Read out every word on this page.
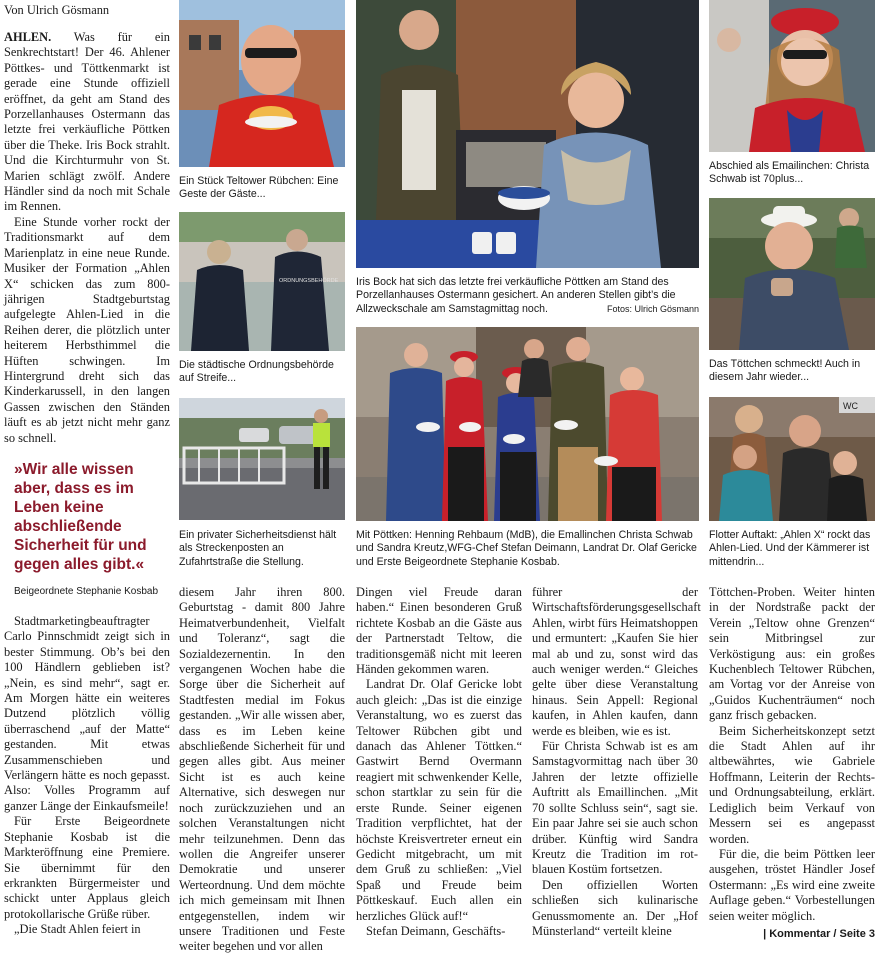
Von Ulrich Gösmann

AHLEN. Was für ein Senkrechtstart! Der 46. Ahlener Pöttkes- und Töttkenmarkt ist gerade eine Stunde offiziell eröffnet, da geht am Stand des Porzellanhauses Ostermann das letzte frei verkäufliche Pöttken über die Theke. Iris Bock strahlt. Und die Kirchturmuhr von St. Marien schlägt zwölf. Andere Händler sind da noch mit Schale im Rennen.

Eine Stunde vorher rockt der Traditionsmarkt auf dem Marienplatz in eine neue Runde. Musiker der Formation „Ahlen X“ schicken das zum 800-jährigen Stadtgeburtstag aufgelegte Ahlen-Lied in die Reihen derer, die plötzlich unter heiterem Herbsthimmel die Hüften schwingen. Im Hintergrund dreht sich das Kinderkarussell, in den langen Gassen zwischen den Ständen läuft es ab jetzt nicht mehr ganz so schnell.

»Wir alle wissen aber, dass es im Leben keine abschließende Sicherheit für und gegen alles gibt.«
Beigeordnete Stephanie Kosbab

Stadtmarketingbeauftragter Carlo Pinnschmidt zeigt sich in bester Stimmung. Ob’s bei den 100 Händlern geblieben ist? „Nein, es sind mehr“, sagt er. Am Morgen hätte ein weiteres Dutzend plötzlich völlig überraschend „auf der Matte“ gestanden. Mit etwas Zusammenschieben und Verlängern hätte es noch gepasst. Also: Volles Programm auf ganzer Länge der Einkaufsmeile!

Für Erste Beigeordnete Stephanie Kosbab ist die Markteröffnung eine Premiere. Sie übernimmt für den erkrankten Bürgermeister und schickt unter Applaus gleich protokollarische Grüße rüber.

„Die Stadt Ahlen feiert in

Ein Stück Teltower Rübchen: Eine Geste der Gäste...
ORDNUNGSBEHÖRDE
Die städtische Ordnungsbehörde auf Streife...
Ein privater Sicherheitsdienst hält als Streckenposten an Zufahrtstraße die Stellung.
Iris Bock hat sich das letzte frei verkäufliche Pöttken am Stand des Porzellanhauses Ostermann gesichert. An anderen Stellen gibt’s die Allzweckschale am Samstagmittag noch.	Fotos: Ulrich Gösmann
Mit Pöttken: Henning Rehbaum (MdB), die Emallinchen Christa Schwab und Sandra Kreutz,WFG-Chef Stefan Deimann, Landrat Dr. Olaf Gericke und Erste Beigeordnete Stephanie Kosbab.
Abschied als Emailinchen: Christa Schwab ist 70plus...
Das Töttchen schmeckt! Auch in diesem Jahr wieder...
WC
Flotter Auftakt: „Ahlen X“ rockt das Ahlen-Lied. Und der Kämmerer ist mittendrin...

diesem Jahr ihren 800. Geburtstag - damit 800 Jahre Heimatverbundenheit, Vielfalt und Toleranz“, sagt die Sozialdezernentin. In den vergangenen Wochen habe die Sorge über die Sicherheit auf Stadtfesten medial im Fokus gestanden. „Wir alle wissen aber, dass es im Leben keine abschließende Sicherheit für und gegen alles gibt. Aus meiner Sicht ist es auch keine Alternative, sich deswegen nur noch zurückzuziehen und an solchen Veranstaltungen nicht mehr teilzunehmen. Denn das wollen die Angreifer unserer Demokratie und unserer Werteordnung. Und dem möchte ich mich gemeinsam mit Ihnen entgegenstellen, indem wir unsere Traditionen und Feste weiter begehen und vor allen

Dingen viel Freude daran haben.“ Einen besonderen Gruß richtete Kosbab an die Gäste aus der Partnerstadt Teltow, die traditionsgemäß nicht mit leeren Händen gekommen waren.

Landrat Dr. Olaf Gericke lobt auch gleich: „Das ist die einzige Veranstaltung, wo es zuerst das Teltower Rübchen gibt und danach das Ahlener Töttken.“ Gastwirt Bernd Overmann reagiert mit schwenkender Kelle, schon startklar zu sein für die erste Runde. Seiner eigenen Tradition verpflichtet, hat der höchste Kreisvertreter erneut ein Gedicht mitgebracht, um mit dem Gruß zu schließen: „Viel Spaß und Freude beim Pöttkeskauf. Euch allen ein herzliches Glück auf!“

Stefan Deimann, Geschäfts-

führer der Wirtschaftsförderungsgesellschaft Ahlen, wirbt fürs Heimatshoppen und ermuntert: „Kaufen Sie hier mal ab und zu, sonst wird das auch weniger werden.“ Gleiches gelte über diese Veranstaltung hinaus. Sein Appell: Regional kaufen, in Ahlen kaufen, dann werde es bleiben, wie es ist.

Für Christa Schwab ist es am Samstagvormittag nach über 30 Jahren der letzte offizielle Auftritt als Emaillinchen. „Mit 70 sollte Schluss sein“, sagt sie. Ein paar Jahre sei sie auch schon drüber. Künftig wird Sandra Kreutz die Tradition im rot-blauen Kostüm fortsetzen.

Den offiziellen Worten schließen sich kulinarische Genussmomente an. Der „Hof Münsterland“ verteilt kleine

Töttchen-Proben. Weiter hinten in der Nordstraße packt der Verein „Teltow ohne Grenzen“ sein Mitbringsel zur Verköstigung aus: ein großes Kuchenblech Teltower Rübchen, am Vortag vor der Anreise von „Guidos Kuchenträumen“ noch ganz frisch gebacken.

Beim Sicherheitskonzept setzt die Stadt Ahlen auf ihr altbewährtes, wie Gabriele Hoffmann, Leiterin der Rechts-und Ordnungsabteilung, erklärt. Lediglich beim Verkauf von Messern sei es angepasst worden.

Für die, die beim Pöttken leer ausgehen, tröstet Händler Josef Ostermann: „Es wird eine zweite Auflage geben.“ Vorbestellungen seien weiter möglich.

| Kommentar / Seite 3
